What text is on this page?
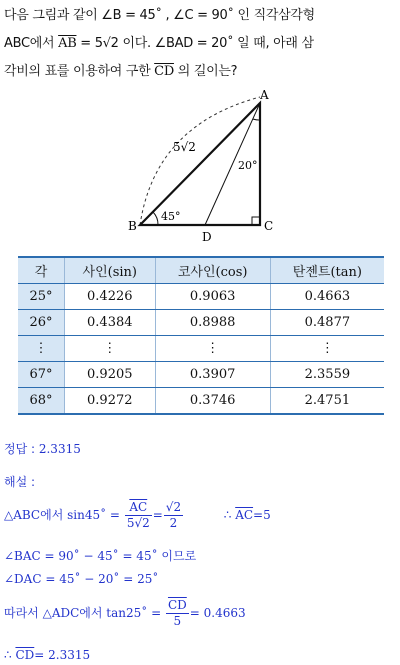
다음 그림과 같이 ∠B = 45˚ , ∠C = 90˚ 인 직각삼각형
ABC에서 $\overline{AB} = 5√2$ 이다. ∠BAD = 20˚ 일 때, 아래 삼
각비의 표를 이용하여 구한 $\overline{CD}$ 의 길이는?
A
B	C
D
5√2
45°
20°
각	사인(sin)	코사인(cos)	탄젠트(tan)
25°	0.4226	0.9063	0.4663
26°	0.4384	0.8988	0.4877
⋮	⋮	⋮	⋮
67°	0.9205	0.3907	2.3559
68°	0.9272	0.3746	2.4751
정답 : 2.3315
해설 :
△ABC에서 sin45˚ = $\frac{\overline{AC}}{5√2} = \frac{√2}{2}$	∴ $\overline{AC}=5$
∠BAC = 90˚ − 45˚ = 45˚ 이므로
∠DAC = 45˚ − 20˚ = 25˚
따라서 △ADC에서 tan25˚ = $\frac{\overline{CD}}{5} = 0.4663$
∴ $\overline{CD}= 2.3315$
